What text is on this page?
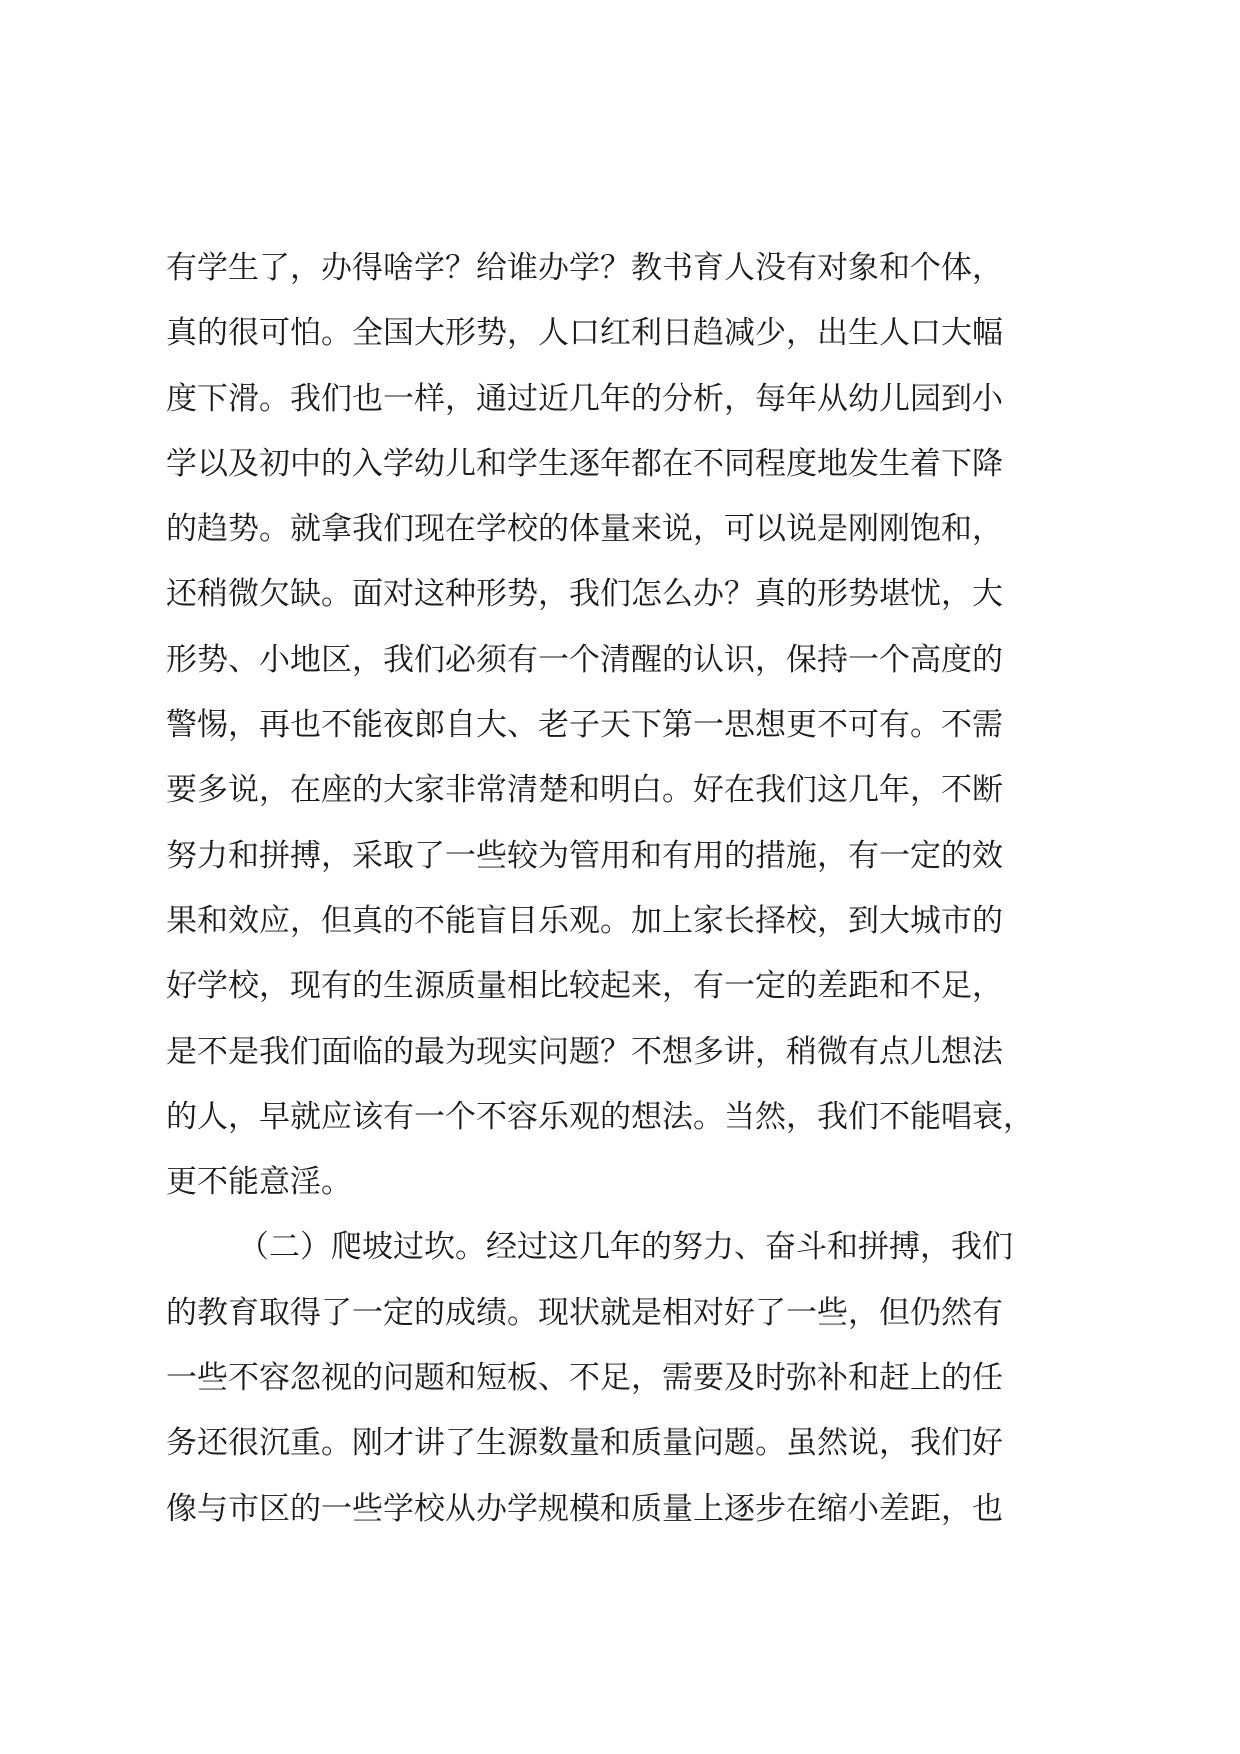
有学生了，办得啥学？给谁办学？教书育人没有对象和个体，
真的很可怕。全国大形势，人口红利日趋减少，出生人口大幅
度下滑。我们也一样，通过近几年的分析，每年从幼儿园到小
学以及初中的入学幼儿和学生逐年都在不同程度地发生着下降
的趋势。就拿我们现在学校的体量来说，可以说是刚刚饱和，
还稍微欠缺。面对这种形势，我们怎么办？真的形势堪忧，大
形势、小地区，我们必须有一个清醒的认识，保持一个高度的
警惕，再也不能夜郎自大、老子天下第一思想更不可有。不需
要多说，在座的大家非常清楚和明白。好在我们这几年，不断
努力和拼搏，采取了一些较为管用和有用的措施，有一定的效
果和效应，但真的不能盲目乐观。加上家长择校，到大城市的
好学校，现有的生源质量相比较起来，有一定的差距和不足，
是不是我们面临的最为现实问题？不想多讲，稍微有点儿想法
的人，早就应该有一个不容乐观的想法。当然，我们不能唱衰，
更不能意淫。
（二）爬坡过坎。经过这几年的努力、奋斗和拼搏，我们
的教育取得了一定的成绩。现状就是相对好了一些，但仍然有
一些不容忽视的问题和短板、不足，需要及时弥补和赶上的任
务还很沉重。刚才讲了生源数量和质量问题。虽然说，我们好
像与市区的一些学校从办学规模和质量上逐步在缩小差距，也
